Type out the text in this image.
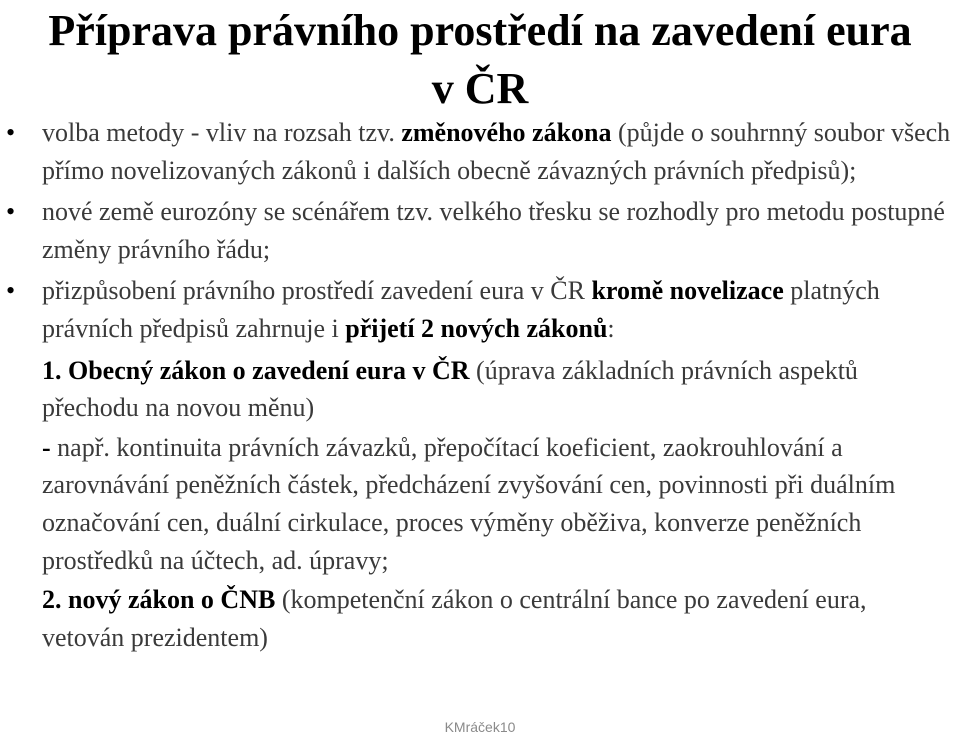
Příprava právního prostředí na zavedení eura
v ČR

• volba metody - vliv na rozsah tzv. změnového zákona (půjde o souhrnný soubor všech přímo novelizovaných zákonů i dalších obecně závazných právních předpisů);

• nové země eurozóny se scénářem tzv. velkého třesku se rozhodly pro metodu postupné změny právního řádu;

• přizpůsobení právního prostředí zavedení eura v ČR kromě novelizace platných právních předpisů zahrnuje i přijetí 2 nových zákonů:

1. Obecný zákon o zavedení eura v ČR (úprava základních právních aspektů přechodu na novou měnu)

- např. kontinuita právních závazků, přepočítací koeficient, zaokrouhlování a zarovnávání peněžních částek, předcházení zvyšování cen, povinnosti při duálním označování cen, duální cirkulace, proces výměny oběživa, konverze peněžních prostředků na účtech, ad. úpravy;

2. nový zákon o ČNB (kompetenční zákon o centrální bance po zavedení eura, vetován prezidentem)

KMráček10
